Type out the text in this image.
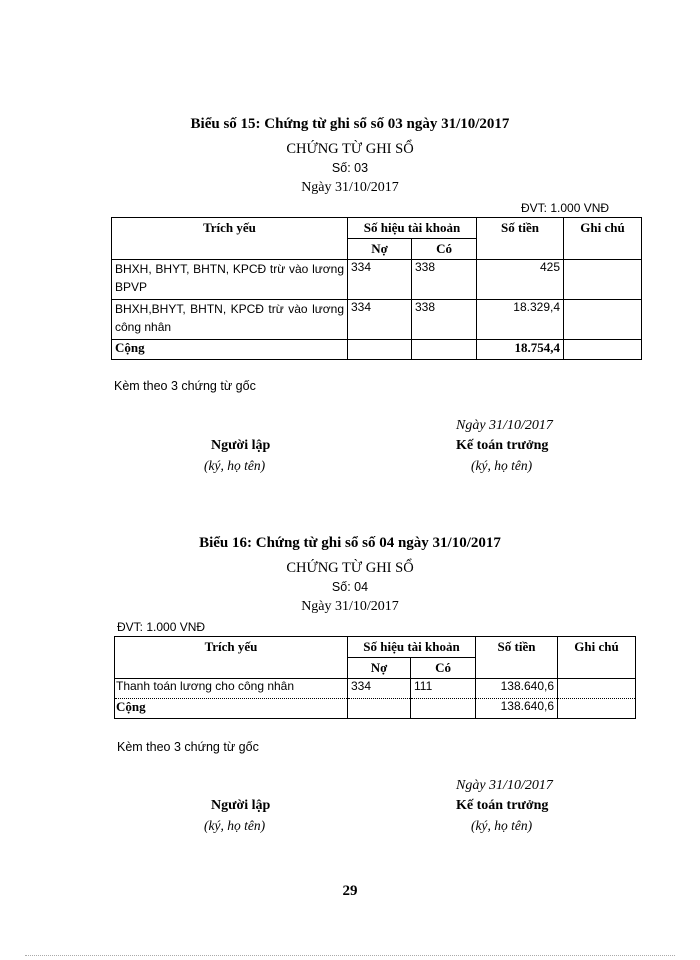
Biểu số 15: Chứng từ ghi sổ số 03 ngày 31/10/2017
CHỨNG TỪ GHI SỔ
Số: 03
Ngày 31/10/2017
ĐVT: 1.000 VNĐ
Trích yếu	Số hiệu tài khoản		Số tiền	Ghi chú
	Nợ	Có		
BHXH, BHYT, BHTN, KPCĐ trừ vào lương BPVP	334	338	425	
BHXH,BHYT, BHTN, KPCĐ trừ vào lương công nhân	334	338	18.329,4	
Cộng			18.754,4	
Kèm theo 3 chứng từ gốc
Ngày 31/10/2017
Người lập	Kế toán trưởng
(ký, họ tên)	(ký, họ tên)
Biểu 16: Chứng từ ghi sổ số 04 ngày 31/10/2017
CHỨNG TỪ GHI SỔ
Số: 04
Ngày 31/10/2017
ĐVT: 1.000 VNĐ
Trích yếu	Số hiệu tài khoản		Số tiền	Ghi chú
	Nợ	Có		
Thanh toán lương cho công nhân	334	111	138.640,6	
Cộng			138.640,6	
Kèm theo 3 chứng từ gốc
Ngày 31/10/2017
Người lập	Kế toán trưởng
(ký, họ tên)	(ký, họ tên)
29
